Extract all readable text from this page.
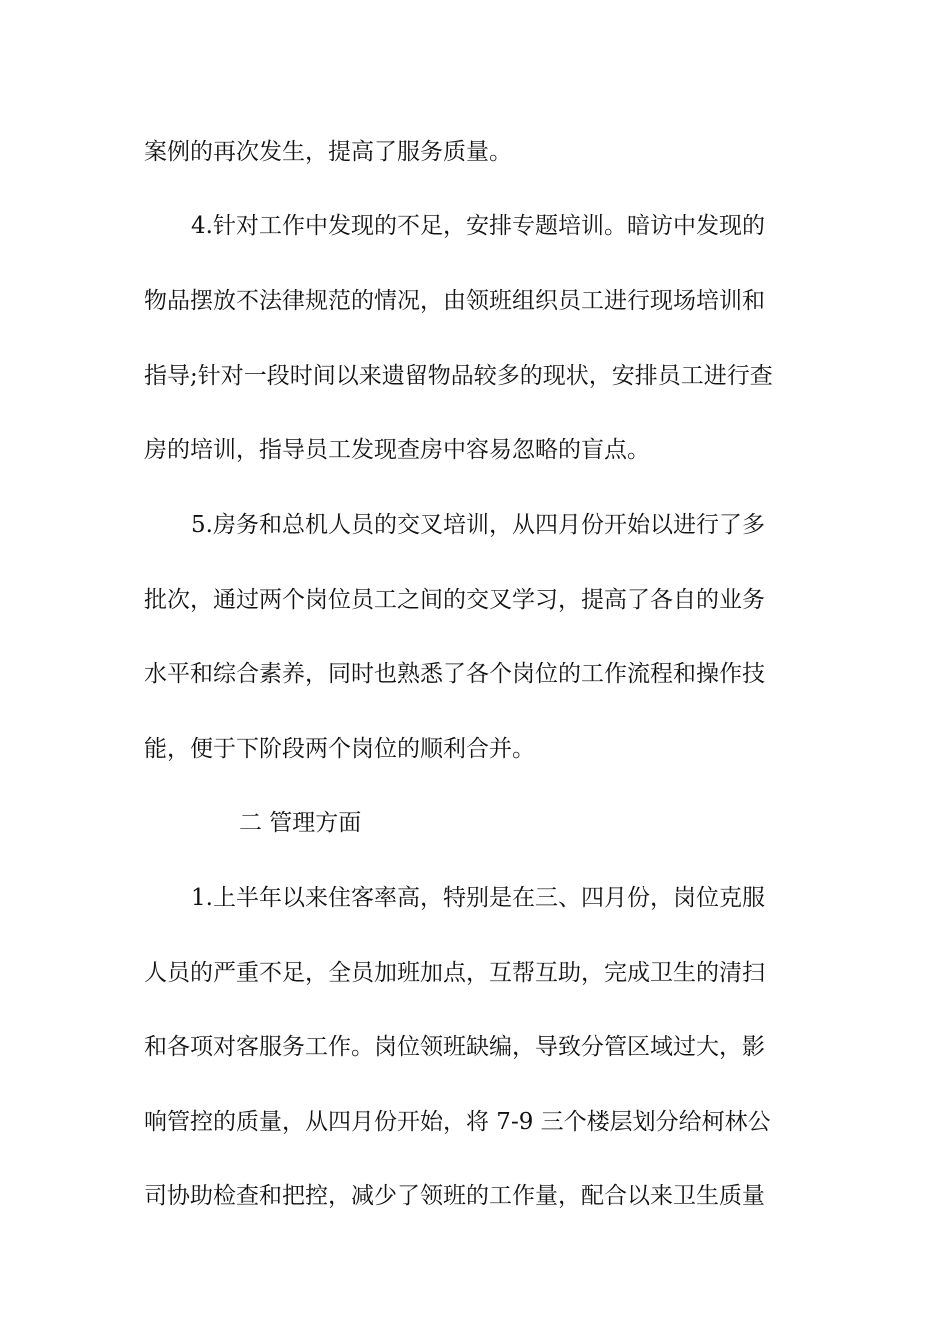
案例的再次发生，提高了服务质量。
4.针对工作中发现的不足，安排专题培训。暗访中发现的
物品摆放不法律规范的情况，由领班组织员工进行现场培训和
指导;针对一段时间以来遗留物品较多的现状，安排员工进行查
房的培训，指导员工发现查房中容易忽略的盲点。
5.房务和总机人员的交叉培训，从四月份开始以进行了多
批次，通过两个岗位员工之间的交叉学习，提高了各自的业务
水平和综合素养，同时也熟悉了各个岗位的工作流程和操作技
能，便于下阶段两个岗位的顺利合并。
二 管理方面
1.上半年以来住客率高，特别是在三、四月份，岗位克服
人员的严重不足，全员加班加点，互帮互助，完成卫生的清扫
和各项对客服务工作。岗位领班缺编，导致分管区域过大，影
响管控的质量，从四月份开始，将 7-9 三个楼层划分给柯林公
司协助检查和把控，减少了领班的工作量，配合以来卫生质量
